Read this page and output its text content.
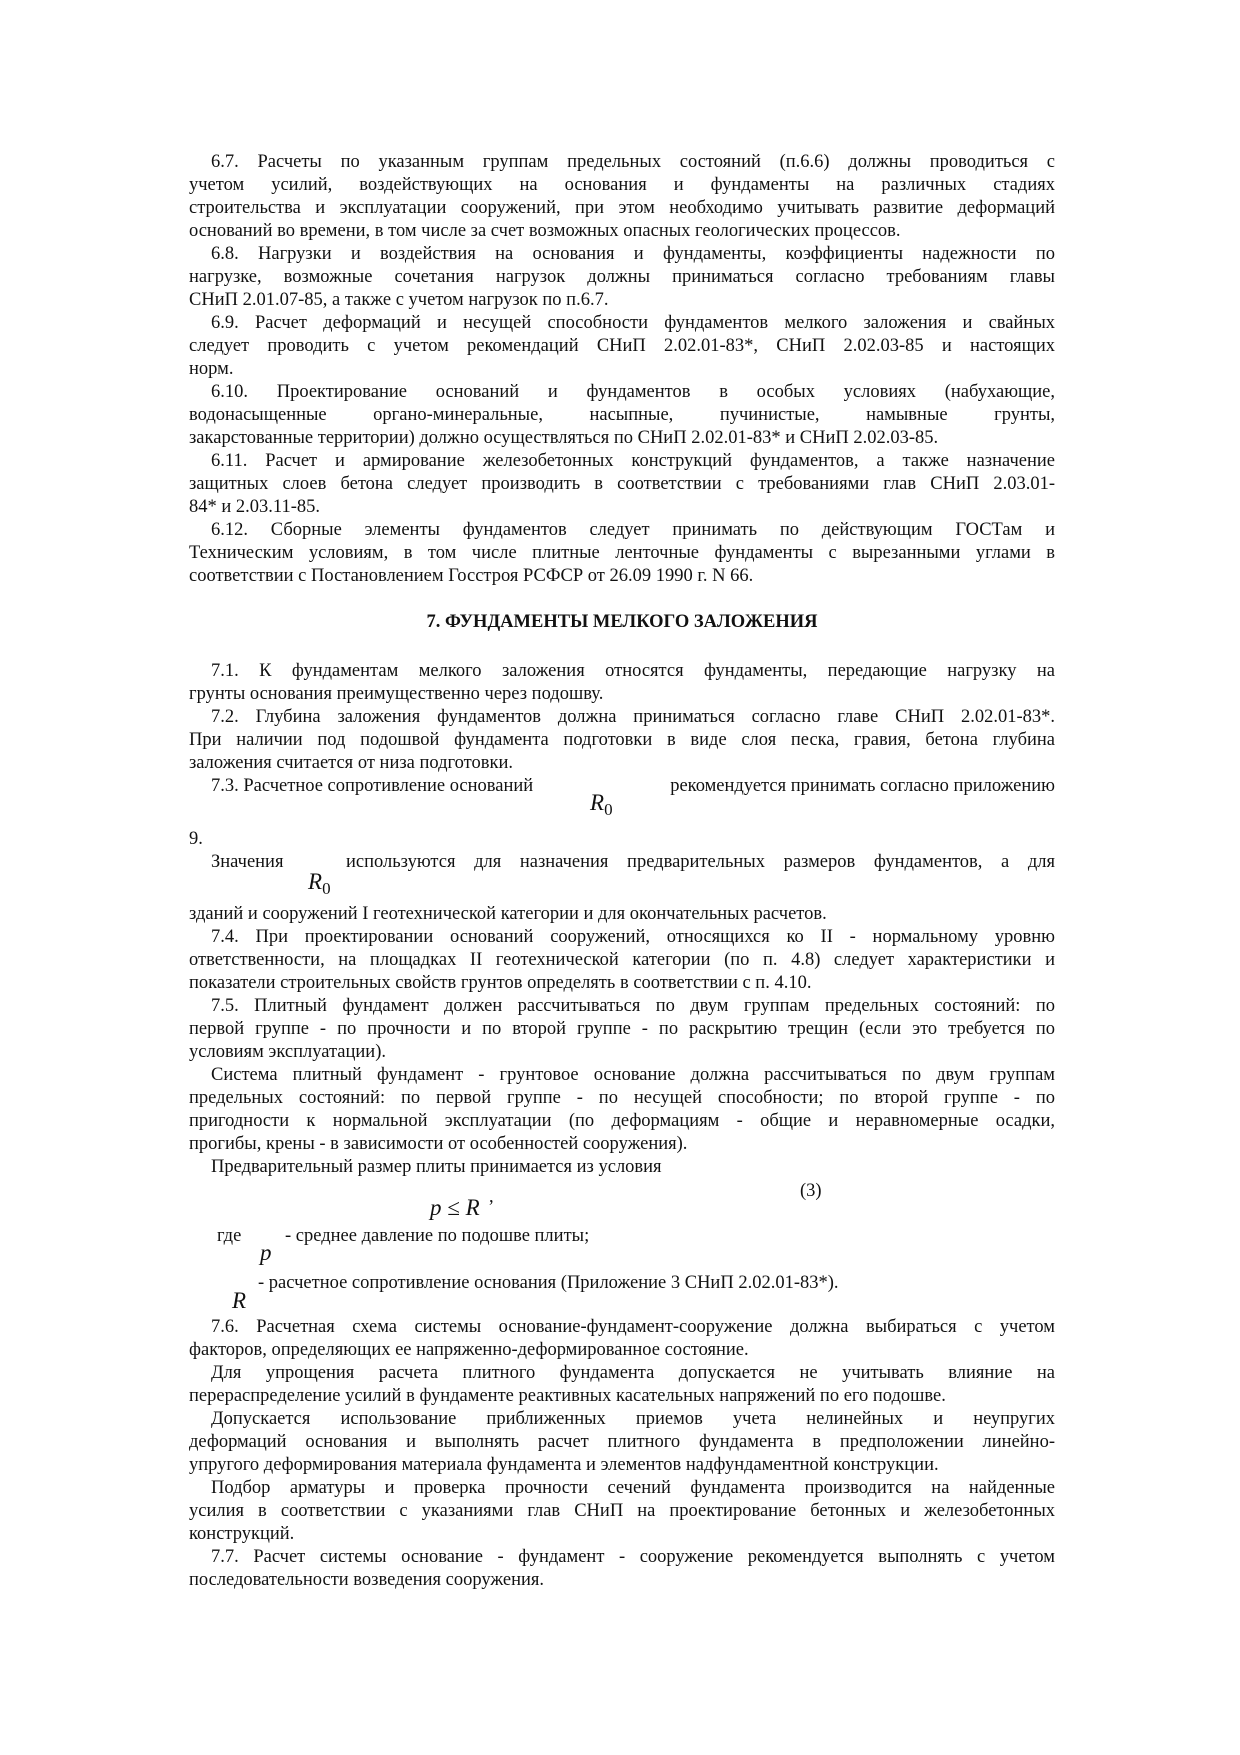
6.7. Расчеты по указанным группам предельных состояний (п.6.6) должны проводиться с
учетом усилий, воздействующих на основания и фундаменты на различных стадиях
строительства и эксплуатации сооружений, при этом необходимо учитывать развитие деформаций
оснований во времени, в том числе за счет возможных опасных геологических процессов.
6.8. Нагрузки и воздействия на основания и фундаменты, коэффициенты надежности по
нагрузке, возможные сочетания нагрузок должны приниматься согласно требованиям главы
СНиП 2.01.07-85, а также с учетом нагрузок по п.6.7.
6.9. Расчет деформаций и несущей способности фундаментов мелкого заложения и свайных
следует проводить с учетом рекомендаций СНиП 2.02.01-83*, СНиП 2.02.03-85 и настоящих
норм.
6.10. Проектирование оснований и фундаментов в особых условиях (набухающие,
водонасыщенные органо-минеральные, насыпные, пучинистые, намывные грунты,
закарстованные территории) должно осуществляться по СНиП 2.02.01-83* и СНиП 2.02.03-85.
6.11. Расчет и армирование железобетонных конструкций фундаментов, а также назначение
защитных слоев бетона следует производить в соответствии с требованиями глав СНиП 2.03.01-
84* и 2.03.11-85.
6.12. Сборные элементы фундаментов следует принимать по действующим ГОСТам и
Техническим условиям, в том числе плитные ленточные фундаменты с вырезанными углами в
соответствии с Постановлением Госстроя РСФСР от 26.09 1990 г. N 66.
7. ФУНДАМЕНТЫ МЕЛКОГО ЗАЛОЖЕНИЯ
7.1. К фундаментам мелкого заложения относятся фундаменты, передающие нагрузку на
грунты основания преимущественно через подошву.
7.2. Глубина заложения фундаментов должна приниматься согласно главе СНиП 2.02.01-83*.
При наличии под подошвой фундамента подготовки в виде слоя песка, гравия, бетона глубина
заложения считается от низа подготовки.
7.3. Расчетное сопротивление оснований
$R_0$
рекомендуется принимать согласно приложению
9.
Значения
$R_0$
используются для назначения предварительных размеров фундаментов, а для
зданий и сооружений I геотехнической категории и для окончательных расчетов.
7.4. При проектировании оснований сооружений, относящихся ко II - нормальному уровню
ответственности, на площадках II геотехнической категории (по п. 4.8) следует характеристики и
показатели строительных свойств грунтов определять в соответствии с п. 4.10.
7.5. Плитный фундамент должен рассчитываться по двум группам предельных состояний: по
первой группе - по прочности и по второй группе - по раскрытию трещин (если это требуется по
условиям эксплуатации).
Система плитный фундамент - грунтовое основание должна рассчитываться по двум группам
предельных состояний: по первой группе - по несущей способности; по второй группе - по
пригодности к нормальной эксплуатации (по деформациям - общие и неравномерные осадки,
прогибы, крены - в зависимости от особенностей сооружения).
Предварительный размер плиты принимается из условия
p ≤ R ,	(3)
где
p
- среднее давление по подошве плиты;
- расчетное сопротивление основания (Приложение 3 СНиП 2.02.01-83*).
R
7.6. Расчетная схема системы основание-фундамент-сооружение должна выбираться с учетом
факторов, определяющих ее напряженно-деформированное состояние.
Для упрощения расчета плитного фундамента допускается не учитывать влияние на
перераспределение усилий в фундаменте реактивных касательных напряжений по его подошве.
Допускается использование приближенных приемов учета нелинейных и неупругих
деформаций основания и выполнять расчет плитного фундамента в предположении линейно-
упругого деформирования материала фундамента и элементов надфундаментной конструкции.
Подбор арматуры и проверка прочности сечений фундамента производится на найденные
усилия в соответствии с указаниями глав СНиП на проектирование бетонных и железобетонных
конструкций.
7.7. Расчет системы основание - фундамент - сооружение рекомендуется выполнять с учетом
последовательности возведения сооружения.
